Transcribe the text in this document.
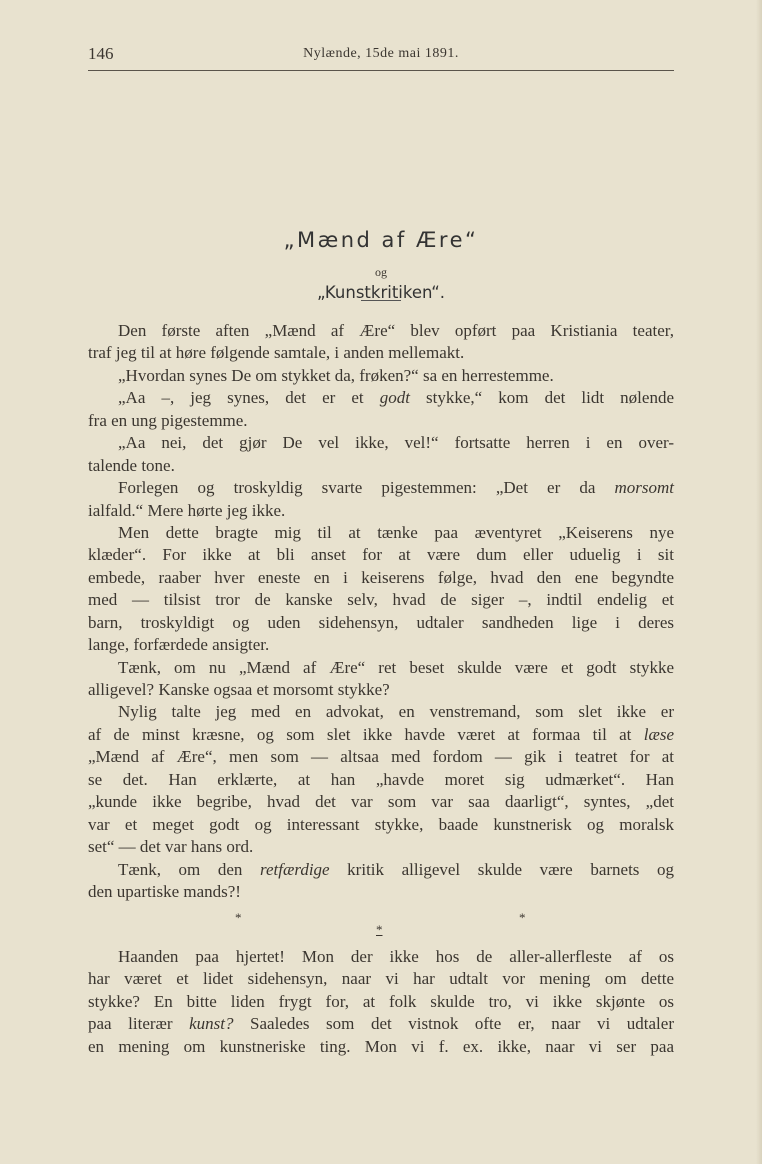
146	Nylænde, 15de mai 1891.
„Mænd af Ære“
og
„Kunstkritiken“.
Den første aften „Mænd af Ære“ blev opført paa Kristiania teater,
traf jeg til at høre følgende samtale, i anden mellemakt.
„Hvordan synes De om stykket da, frøken?“ sa en herrestemme.
„Aa –, jeg synes, det er et godt stykke,“ kom det lidt nølende
fra en ung pigestemme.
„Aa nei, det gjør De vel ikke, vel!“ fortsatte herren i en over-
talende tone.
Forlegen og troskyldig svarte pigestemmen: „Det er da morsomt
ialfald.“ Mere hørte jeg ikke.
Men dette bragte mig til at tænke paa æventyret „Keiserens nye
klæder“. For ikke at bli anset for at være dum eller uduelig i sit
embede, raaber hver eneste en i keiserens følge, hvad den ene begyndte
med — tilsist tror de kanske selv, hvad de siger –, indtil endelig et
barn, troskyldigt og uden sidehensyn, udtaler sandheden lige i deres
lange, forfærdede ansigter.
Tænk, om nu „Mænd af Ære“ ret beset skulde være et godt stykke
alligevel? Kanske ogsaa et morsomt stykke?
Nylig talte jeg med en advokat, en venstremand, som slet ikke er
af de minst kræsne, og som slet ikke havde været at formaa til at læse
„Mænd af Ære“, men som — altsaa med fordom — gik i teatret for at
se det. Han erklærte, at han „havde moret sig udmærket“. Han
„kunde ikke begribe, hvad det var som var saa daarligt“, syntes, „det
var et meget godt og interessant stykke, baade kunstnerisk og moralsk
set“ — det var hans ord.
Tænk, om den retfærdige kritik alligevel skulde være barnets og
den upartiske mands?!
*
*
*
Haanden paa hjertet! Mon der ikke hos de aller-allerfleste af os
har været et lidet sidehensyn, naar vi har udtalt vor mening om dette
stykke? En bitte liden frygt for, at folk skulde tro, vi ikke skjønte os
paa literær kunst? Saaledes som det vistnok ofte er, naar vi udtaler
en mening om kunstneriske ting. Mon vi f. ex. ikke, naar vi ser paa
